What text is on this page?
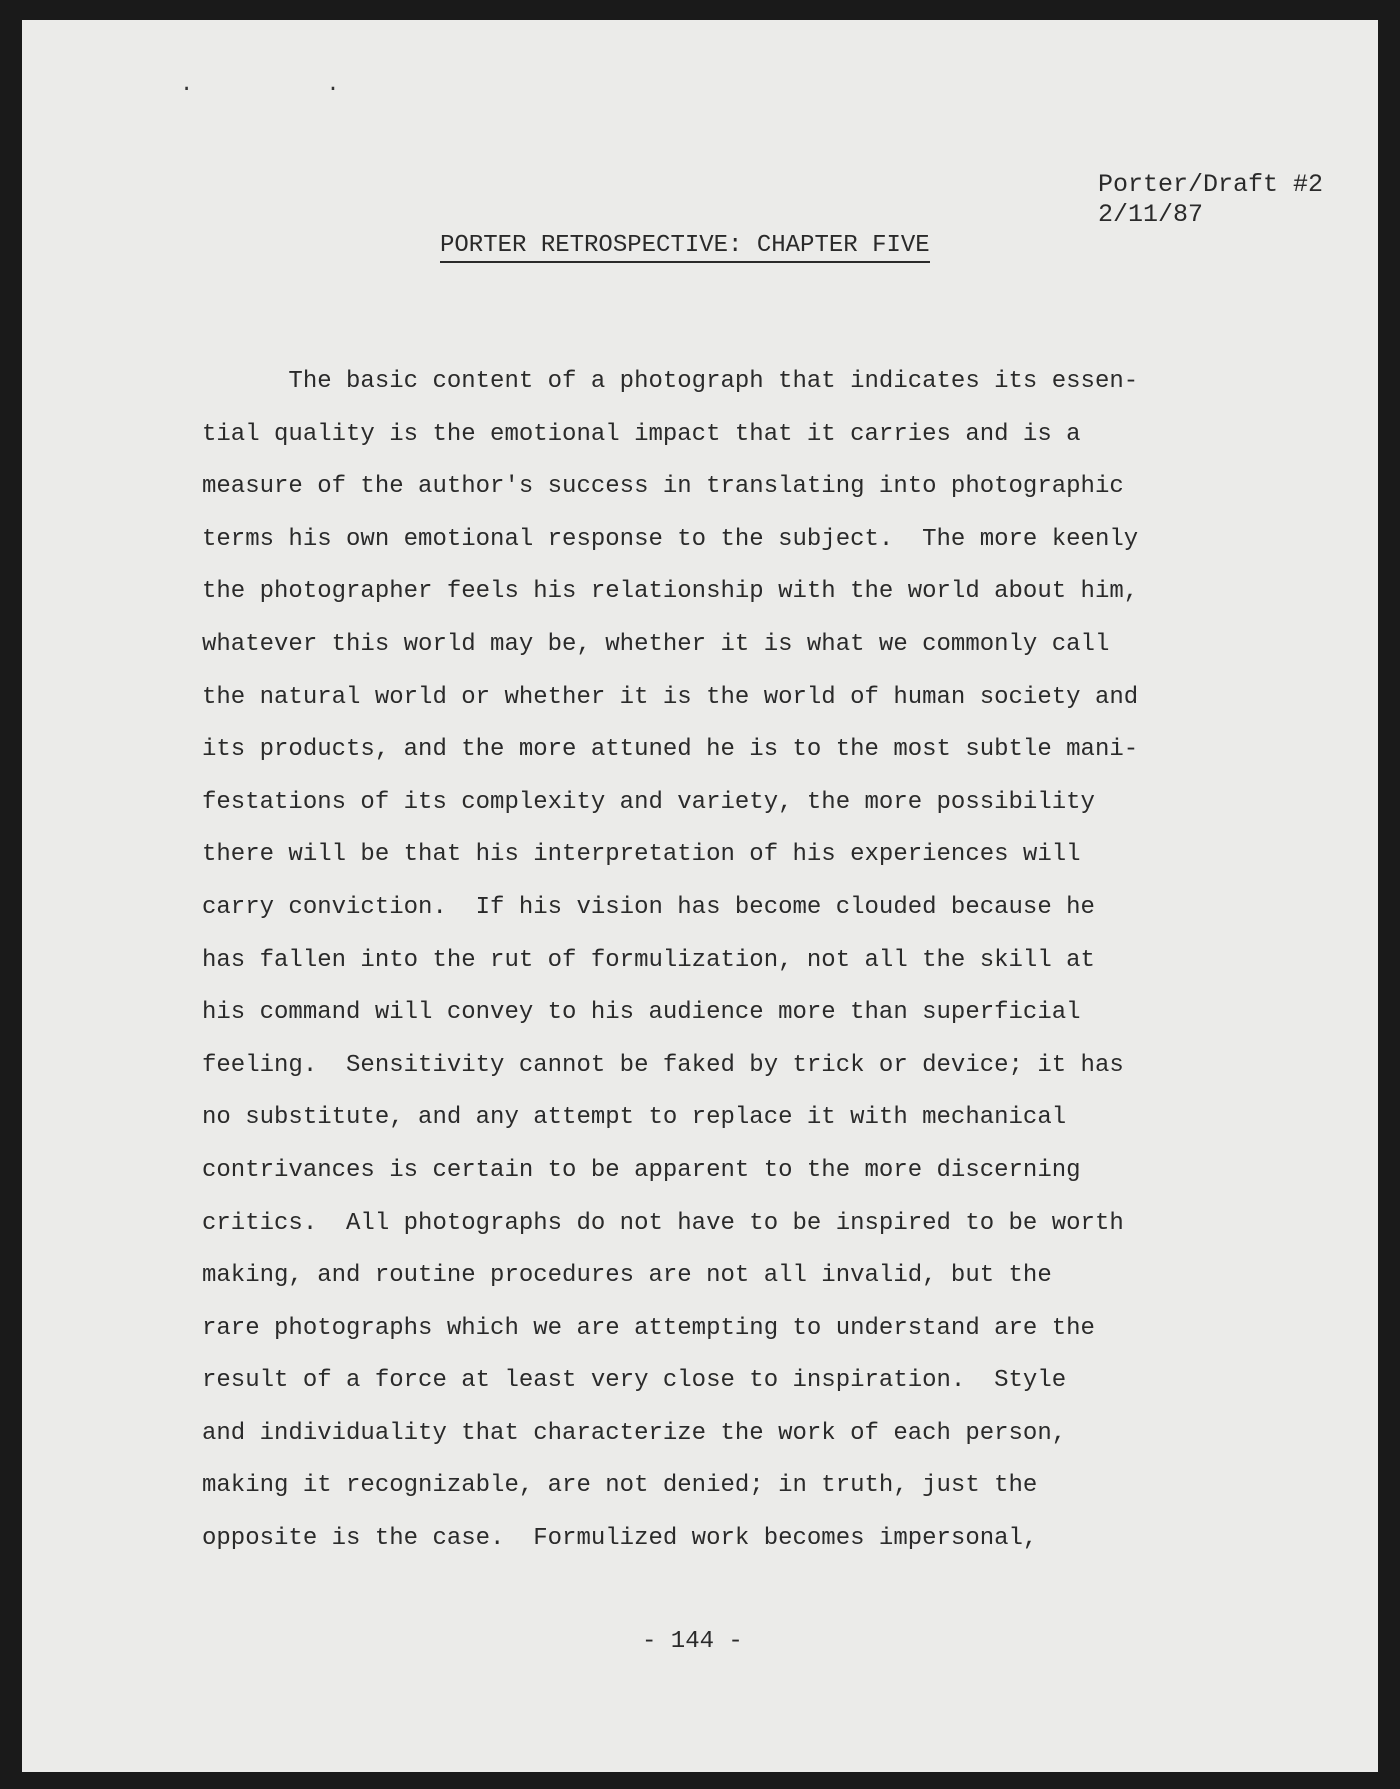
. .
Porter/Draft #2
2/11/87
PORTER RETROSPECTIVE: CHAPTER FIVE
The basic content of a photograph that indicates its essen-
tial quality is the emotional impact that it carries and is a
measure of the author's success in translating into photographic
terms his own emotional response to the subject.  The more keenly
the photographer feels his relationship with the world about him,
whatever this world may be, whether it is what we commonly call
the natural world or whether it is the world of human society and
its products, and the more attuned he is to the most subtle mani-
festations of its complexity and variety, the more possibility
there will be that his interpretation of his experiences will
carry conviction.  If his vision has become clouded because he
has fallen into the rut of formulization, not all the skill at
his command will convey to his audience more than superficial
feeling.  Sensitivity cannot be faked by trick or device; it has
no substitute, and any attempt to replace it with mechanical
contrivances is certain to be apparent to the more discerning
critics.  All photographs do not have to be inspired to be worth
making, and routine procedures are not all invalid, but the
rare photographs which we are attempting to understand are the
result of a force at least very close to inspiration.  Style
and individuality that characterize the work of each person,
making it recognizable, are not denied; in truth, just the
opposite is the case.  Formulized work becomes impersonal,
- 144 -
